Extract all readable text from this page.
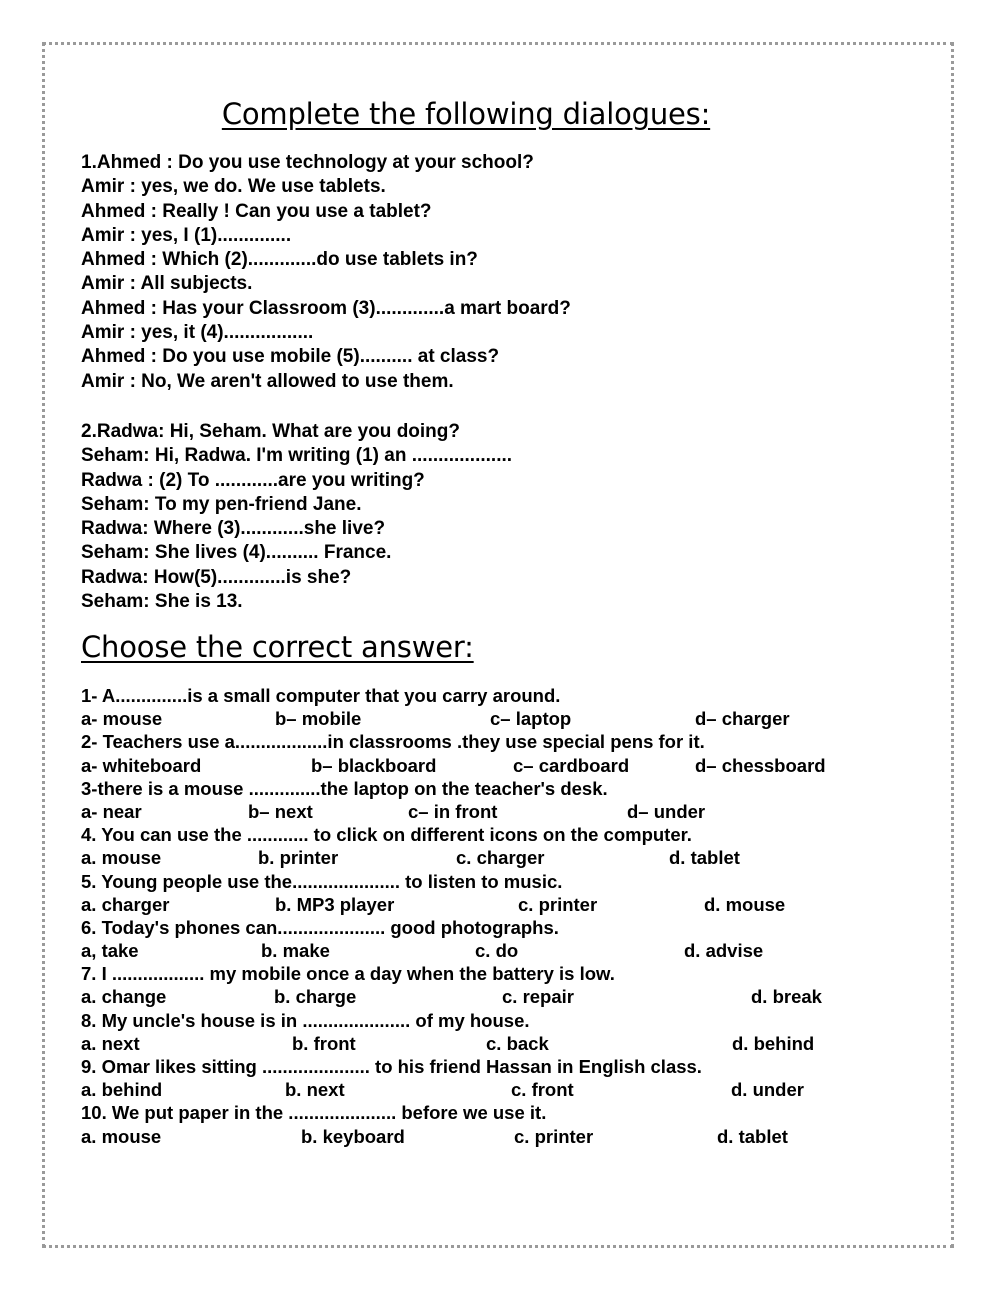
Complete the following dialogues:
1.Ahmed : Do you use technology at your school?
Amir : yes, we do. We use tablets.
Ahmed : Really ! Can you use a tablet?
Amir : yes, I (1)..............
Ahmed : Which (2).............do use tablets in?
Amir : All subjects.
Ahmed : Has your Classroom (3).............a mart board?
Amir : yes, it (4).................
Ahmed : Do you use mobile (5).......... at class?
Amir : No, We aren't allowed to use them.
2.Radwa: Hi, Seham. What are you doing?
Seham: Hi, Radwa. I'm writing (1) an ...................
Radwa : (2) To ............are you writing?
Seham: To my pen-friend Jane.
Radwa: Where (3)............she live?
Seham: She lives (4).......... France.
Radwa: How(5).............is she?
Seham: She is 13.
Choose the correct answer:
1- A..............is a small computer that you carry around.
a- mouse	b– mobile	c– laptop	d– charger
2- Teachers use a..................in classrooms .they use special pens for it.
a- whiteboard	b– blackboard	c– cardboard	d– chessboard
3-there is a mouse ..............the laptop on the teacher's desk.
a- near	b– next	c– in front	d– under
4. You can use the ............ to click on different icons on the computer.
a. mouse	b. printer	c. charger	d. tablet
5. Young people use the..................... to listen to music.
a. charger	b. MP3 player	c. printer	d. mouse
6. Today's phones can..................... good photographs.
a, take	b. make	c. do	d. advise
7. I .................. my mobile once a day when the battery is low.
a. change	b. charge	c. repair	d. break
8. My uncle's house is in ..................... of my house.
a. next	b. front	c. back	d. behind
9. Omar likes sitting ..................... to his friend Hassan in English class.
a. behind	b. next	c. front	d. under
10. We put paper in the ..................... before we use it.
a. mouse	b. keyboard	c. printer	d. tablet
